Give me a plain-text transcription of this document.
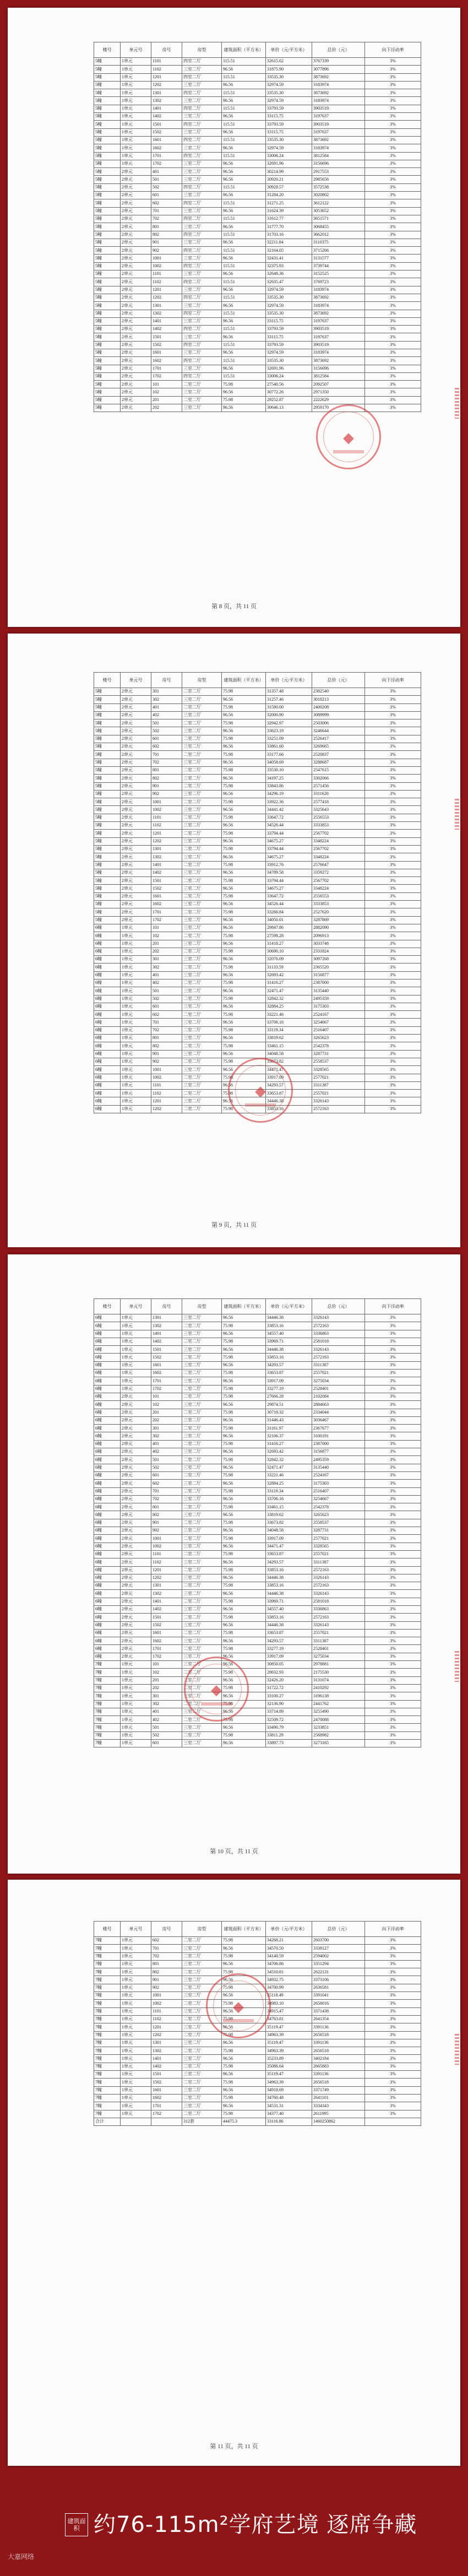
楼号	单元号	房号	房型	建筑面积（平方米）	单价（元/平方米）	总价（元）	向下浮动率
5幢	1单元	1101	四室二厅	115.51	32615.62	3767339	3%
5幢	1单元	1102	三室二厅	96.56	31875.90	3077896	3%
5幢	1单元	1201	四室二厅	115.51	33535.30	3873692	3%
5幢	1单元	1202	三室二厅	96.56	32974.59	3183974	3%
5幢	1单元	1301	四室二厅	115.51	33535.30	3873692	3%
5幢	1单元	1302	三室二厅	96.56	32974.59	3183974	3%
5幢	1单元	1401	四室二厅	115.51	33793.59	3903519	3%
5幢	1单元	1402	三室二厅	96.56	33115.75	3197637	3%
5幢	1单元	1501	四室二厅	115.51	33793.59	3903519	3%
5幢	1单元	1502	三室二厅	96.56	33115.75	3197637	3%
5幢	1单元	1601	四室二厅	115.51	33535.30	3873692	3%
5幢	1单元	1602	三室二厅	96.56	32974.59	3183974	3%
5幢	1单元	1701	四室二厅	115.51	33006.24	3812584	3%
5幢	1单元	1702	三室二厅	96.56	32691.96	3156696	3%
5幢	2单元	401	三室二厅	96.56	30214.99	2917553	3%
5幢	2单元	501	三室二厅	96.56	30920.21	2985656	3%
5幢	2单元	502	四室二厅	115.51	30928.57	3572538	3%
5幢	2单元	601	三室二厅	96.56	31284.20	3020802	3%
5幢	2单元	602	四室二厅	115.51	31271.25	3612122	3%
5幢	2单元	701	三室二厅	96.56	31624.39	3053652	3%
5幢	2单元	702	四室二厅	115.51	31612.77	3651571	3%
5幢	2单元	801	三室二厅	96.56	31777.70	3068455	3%
5幢	2单元	802	四室二厅	115.51	31703.16	3662012	3%
5幢	2单元	901	三室二厅	96.56	32211.84	3110375	3%
5幢	2单元	902	四室二厅	115.51	32164.05	3715266	3%
5幢	2单元	1001	三室二厅	96.56	32431.41	3131577	3%
5幢	2单元	1002	四室二厅	115.51	32375.93	3739744	3%
5幢	2单元	1101	三室二厅	96.56	32648.36	3152525	3%
5幢	2单元	1102	四室二厅	115.51	32635.47	3769723	3%
5幢	2单元	1201	三室二厅	96.56	32974.59	3183974	3%
5幢	2单元	1202	四室二厅	115.51	33535.30	3873692	3%
5幢	2单元	1301	三室二厅	96.56	32974.59	3183974	3%
5幢	2单元	1302	四室二厅	115.51	33535.30	3873692	3%
5幢	2单元	1401	三室二厅	96.56	33115.75	3197637	3%
5幢	2单元	1402	四室二厅	115.51	33793.59	3903519	3%
5幢	2单元	1501	三室二厅	96.56	33115.75	3197637	3%
5幢	2单元	1502	四室二厅	115.51	33793.59	3903519	3%
5幢	2单元	1601	三室二厅	96.56	32974.59	3183974	3%
5幢	2单元	1602	四室二厅	115.51	33535.30	3873692	3%
5幢	2单元	1701	三室二厅	96.56	32691.96	3156696	3%
5幢	2单元	1702	四室二厅	115.51	33006.24	3812584	3%
5幢	2单元	101	二室二厅	75.98	27540.56	2092507	3%
5幢	2单元	102	三室二厅	96.56	30772.26	2971350	3%
5幢	2单元	201	二室二厅	75.98	29252.87	2222629	3%
5幢	2单元	202	三室二厅	96.56	30646.13	2959170	3%
◆
第 8 页，共 11 页
楼号	单元号	房号	房型	建筑面积（平方米）	单价（元/平方米）	总价（元）	向下浮动率
5幢	2单元	301	二室二厅	75.98	31357.48	2382540	3%
5幢	2单元	302	三室二厅	96.56	31257.46	3018213	3%
5幢	2单元	401	二室二厅	75.98	31590.00	2400208	3%
5幢	2单元	402	三室二厅	96.56	32000.90	3089999	3%
5幢	2单元	501	二室二厅	75.98	32942.97	2503006	3%
5幢	2单元	502	三室二厅	96.56	33623.19	3246644	3%
5幢	2单元	601	二室二厅	75.98	33251.09	2526417	3%
5幢	2单元	602	三室二厅	96.56	33861.60	3269665	3%
5幢	2单元	701	二室二厅	75.98	33177.66	2520837	3%
5幢	2单元	702	三室二厅	96.56	34058.69	3288687	3%
5幢	2单元	801	二室二厅	75.98	33530.10	2547615	3%
5幢	2单元	802	三室二厅	96.56	34197.25	3302066	3%
5幢	2单元	901	二室二厅	75.98	33843.86	2571456	3%
5幢	2单元	902	三室二厅	96.56	34296.19	3311620	3%
5幢	2单元	1001	二室二厅	75.98	33922.36	2577418	3%
5幢	2单元	1002	三室二厅	96.56	34441.42	3325643	3%
5幢	2单元	1101	二室二厅	75.98	33647.72	2556553	3%
5幢	2单元	1102	三室二厅	96.56	34526.44	3333853	3%
5幢	2单元	1201	二室二厅	75.98	33794.44	2567702	3%
5幢	2单元	1202	三室二厅	96.56	34675.27	3348224	3%
5幢	2单元	1301	二室二厅	75.98	33794.44	2567702	3%
5幢	2单元	1302	三室二厅	96.56	34675.27	3348224	3%
5幢	2单元	1401	二室二厅	75.98	33912.76	2576647	3%
5幢	2单元	1402	三室二厅	96.56	34789.58	3359272	3%
5幢	2单元	1501	二室二厅	75.98	33794.44	2567702	3%
5幢	2单元	1502	三室二厅	96.56	34675.27	3348224	3%
5幢	2单元	1601	二室二厅	75.98	33647.72	2556553	3%
5幢	2单元	1602	三室二厅	96.56	34526.44	3333853	3%
5幢	2单元	1701	二室二厅	75.98	33266.84	2527620	3%
5幢	2单元	1702	三室二厅	96.56	34050.01	3287869	3%
6幢	1单元	101	三室二厅	96.56	29847.86	2882090	3%
6幢	1单元	102	二室二厅	75.98	27598.28	2096913	3%
6幢	1单元	201	三室二厅	96.56	31418.27	3033748	3%
6幢	1单元	202	二室二厅	75.98	30690.10	2331824	3%
6幢	1单元	301	三室二厅	96.56	32076.09	3097268	3%
6幢	1单元	302	二室二厅	75.98	31133.59	2365520	3%
6幢	1单元	401	三室二厅	96.56	32693.42	3156877	3%
6幢	1单元	402	二室二厅	75.98	31416.27	2387000	3%
6幢	1单元	501	三室二厅	96.56	32471.47	3135440	3%
6幢	1单元	502	二室二厅	75.98	32842.32	2495359	3%
6幢	1单元	601	三室二厅	96.56	32884.25	3175303	3%
6幢	1单元	602	二室二厅	75.98	33221.46	2524167	3%
6幢	1单元	701	三室二厅	96.56	33706.16	3254667	3%
6幢	1单元	702	二室二厅	75.98	33119.34	2516407	3%
6幢	1单元	801	三室二厅	96.56	33819.62	3265623	3%
6幢	1单元	802	二室二厅	75.98	33461.15	2542378	3%
6幢	1单元	901	三室二厅	96.56	34048.58	3287731	3%
6幢	1单元	902	二室二厅	75.98	33673.82	2558537	3%
6幢	1单元	1001	三室二厅	96.56	34471.47	3328565	3%
6幢	1单元	1002	二室二厅	75.98	33917.09	2577021	3%
6幢	1单元	1101	三室二厅	96.56	34293.57	3311387	3%
6幢	1单元	1102	二室二厅	75.98	33653.87	2557021	3%
6幢	1单元	1201	三室二厅	96.56	34446.38	3326143	3%
6幢	1单元	1202	二室二厅	75.98	33853.16	2572163	3%
◆
第 9 页，共 11 页
楼号	单元号	房号	房型	建筑面积（平方米）	单价（元/平方米）	总价（元）	向下浮动率
6幢	1单元	1301	三室二厅	96.56	34446.38	3326143	3%
6幢	1单元	1302	二室二厅	75.98	33853.16	2572163	3%
6幢	1单元	1401	三室二厅	96.56	34557.40	3336863	3%
6幢	1单元	1402	二室二厅	75.98	33969.71	2581018	3%
6幢	1单元	1501	三室二厅	96.56	34446.38	3326143	3%
6幢	1单元	1502	二室二厅	75.98	33853.16	2572163	3%
6幢	1单元	1601	三室二厅	96.56	34293.57	3311387	3%
6幢	1单元	1602	二室二厅	75.98	33653.87	2557021	3%
6幢	1单元	1701	三室二厅	96.56	33917.09	3275034	3%
6幢	1单元	1702	二室二厅	75.98	33277.19	2528401	3%
6幢	2单元	101	二室二厅	75.98	27666.28	2102084	3%
6幢	2单元	102	三室二厅	96.56	29874.51	2884663	3%
6幢	2单元	201	二室二厅	75.98	30719.32	2334044	3%
6幢	2单元	202	三室二厅	96.56	31446.43	3036467	3%
6幢	2单元	301	二室二厅	75.98	31161.97	2367677	3%
6幢	2单元	302	三室二厅	96.56	32106.37	3100191	3%
6幢	2单元	401	二室二厅	75.98	31416.27	2387000	3%
6幢	2单元	402	三室二厅	96.56	32693.42	3156877	3%
6幢	2单元	501	二室二厅	75.98	32842.32	2495359	3%
6幢	2单元	502	三室二厅	96.56	32471.47	3135440	3%
6幢	2单元	601	二室二厅	75.98	33221.46	2524167	3%
6幢	2单元	602	三室二厅	96.56	32884.25	3175303	3%
6幢	2单元	701	二室二厅	75.98	33119.34	2516407	3%
6幢	2单元	702	三室二厅	96.56	33706.16	3254667	3%
6幢	2单元	801	二室二厅	75.98	33461.15	2542378	3%
6幢	2单元	802	三室二厅	96.56	33819.62	3265623	3%
6幢	2单元	901	二室二厅	75.98	33673.82	2558537	3%
6幢	2单元	902	三室二厅	96.56	34048.58	3287731	3%
6幢	2单元	1001	二室二厅	75.98	33917.09	2577021	3%
6幢	2单元	1002	三室二厅	96.56	34471.47	3328565	3%
6幢	2单元	1101	二室二厅	75.98	33653.87	2557021	3%
6幢	2单元	1102	三室二厅	96.56	34293.57	3311387	3%
6幢	2单元	1201	二室二厅	75.98	33853.16	2572163	3%
6幢	2单元	1202	三室二厅	96.56	34446.38	3326143	3%
6幢	2单元	1301	二室二厅	75.98	33853.16	2572163	3%
6幢	2单元	1302	三室二厅	96.56	34446.38	3326143	3%
6幢	2单元	1401	二室二厅	75.98	33969.71	2581018	3%
6幢	2单元	1402	三室二厅	96.56	34557.40	3336863	3%
6幢	2单元	1501	二室二厅	75.98	33853.16	2572163	3%
6幢	2单元	1502	三室二厅	96.56	34446.38	3326143	3%
6幢	2单元	1601	二室二厅	75.98	33653.87	2557021	3%
6幢	2单元	1602	三室二厅	96.56	34293.57	3311387	3%
6幢	2单元	1701	二室二厅	75.98	33277.19	2528401	3%
6幢	2单元	1702	三室二厅	96.56	33917.09	3275034	3%
7幢	1单元	101	三室二厅	96.56	30850.05	2978881	3%
7幢	1单元	102	二室二厅	75.98	28632.93	2175530	3%
7幢	1单元	201	三室二厅	96.56	32426.20	3131074	3%
7幢	1单元	202	二室二厅	75.98	31722.72	2410292	3%
7幢	1单元	301	三室二厅	96.56	33100.27	3196138	3%
7幢	1单元	302	二室二厅	75.98	32136.90	2441762	3%
7幢	1单元	401	三室二厅	96.56	33714.89	3255490	3%
7幢	1单元	402	二室二厅	75.98	32509.72	2470088	3%
7幢	1单元	501	三室二厅	96.56	33490.79	3233851	3%
7幢	1单元	502	二室二厅	75.98	33811.29	2568982	3%
7幢	1单元	601	三室二厅	96.56	33897.73	3273165	3%
◆
第 10 页，共 11 页
楼号	单元号	房号	房型	建筑面积（平方米）	单价（元/平方米）	总价（元）	向下浮动率
7幢	1单元	602	二室二厅	75.98	34268.21	2603700	3%
7幢	1单元	701	三室二厅	96.56	34570.50	3338127	3%
7幢	1单元	702	二室二厅	75.98	34140.59	2594002	3%
7幢	1单元	801	三室二厅	96.56	34706.86	3351294	3%
7幢	1单元	802	二室二厅	75.98	34510.81	2622131	3%
7幢	1单元	901	三室二厅	96.56	34932.75	3373106	3%
7幢	1单元	902	二室二厅	75.98	34700.99	2636581	3%
7幢	1单元	1001	三室二厅	96.56	35118.49	3391041	3%
7幢	1单元	1002	二室二厅	75.98	34983.10	2658016	3%
7幢	1单元	1101	三室二厅	96.56	34915.47	3371438	3%
7幢	1单元	1102	二室二厅	75.98	34763.81	2641354	3%
7幢	1单元	1201	三室二厅	96.56	35119.47	3391136	3%
7幢	1单元	1202	二室二厅	75.98	34963.39	2656518	3%
7幢	1单元	1301	三室二厅	96.56	35119.47	3391136	3%
7幢	1单元	1302	二室二厅	75.98	34963.39	2656518	3%
7幢	1单元	1401	三室二厅	96.56	35233.89	3402184	3%
7幢	1单元	1402	二室二厅	75.98	35086.64	2665883	3%
7幢	1单元	1501	三室二厅	96.56	35119.47	3391136	3%
7幢	1单元	1502	二室二厅	75.98	34963.39	2656518	3%
7幢	1单元	1601	三室二厅	96.56	34918.69	3371749	3%
7幢	1单元	1602	二室二厅	75.98	34760.48	2641101	3%
7幢	1单元	1701	三室二厅	96.56	34531.31	3334343	3%
7幢	1单元	1702	二室二厅	75.98	34377.40	2611995	3%
合计			312套	44475.3	33116.86	1460250862	
◆
第 11 页，共 11 页
建筑面积 约76-115m²学府艺境 逐席争藏
大嘉网络
